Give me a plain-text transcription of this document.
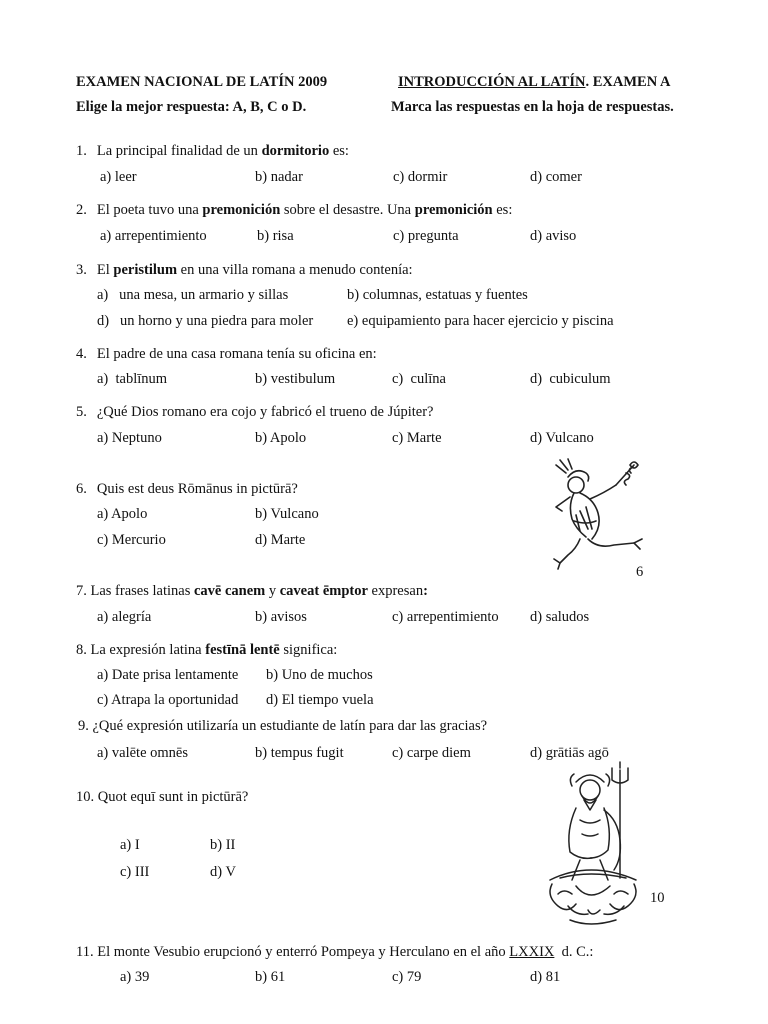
EXAMEN NACIONAL DE LATÍN 2009	INTRODUCCIÓN AL LATÍN. EXAMEN A
Elige la mejor respuesta: A, B, C o D.	Marca las respuestas en la hoja de respuestas.
1. La principal finalidad de un dormitorio es:
a) leer	b) nadar	c) dormir	d) comer
2. El poeta tuvo una premonición sobre el desastre. Una premonición es:
a) arrepentimiento	b) risa	c) pregunta	d) aviso
3. El peristilum en una villa romana a menudo contenía:
a)   una mesa, un armario y sillas	b) columnas, estatuas y fuentes
d)   un horno y una piedra para moler e) equipamiento para hacer ejercicio y piscina
4. El padre de una casa romana tenía su oficina en:
a)  tablīnum	b) vestibulum	c)  culīna	d)  cubiculum
5. ¿Qué Dios romano era cojo y fabricó el trueno de Júpiter?
a) Neptuno	b) Apolo	c) Marte	d) Vulcano
6. Quis est deus Rōmānus in pictūrā?
a) Apolo	b) Vulcano
c) Mercurio	d) Marte
6
7. Las frases latinas cavē canem y caveat ēmptor expresan:
a) alegría	b) avisos	c) arrepentimiento d) saludos
8. La expresión latina festīnā lentē significa:
a) Date prisa lentamente b) Uno de muchos
c) Atrapa la oportunidad d) El tiempo vuela
9. ¿Qué expresión utilizaría un estudiante de latín para dar las gracias?
a) valēte omnēs	b) tempus fugit	c) carpe diem	d) grātiās agō
10. Quot equī sunt in pictūrā?
a) I	b) II
c) III	d) V
10
11. El monte Vesubio erupcionó y enterró Pompeya y Herculano en el año LXXIX  d. C.:
a) 39	b) 61	c) 79	d) 81
